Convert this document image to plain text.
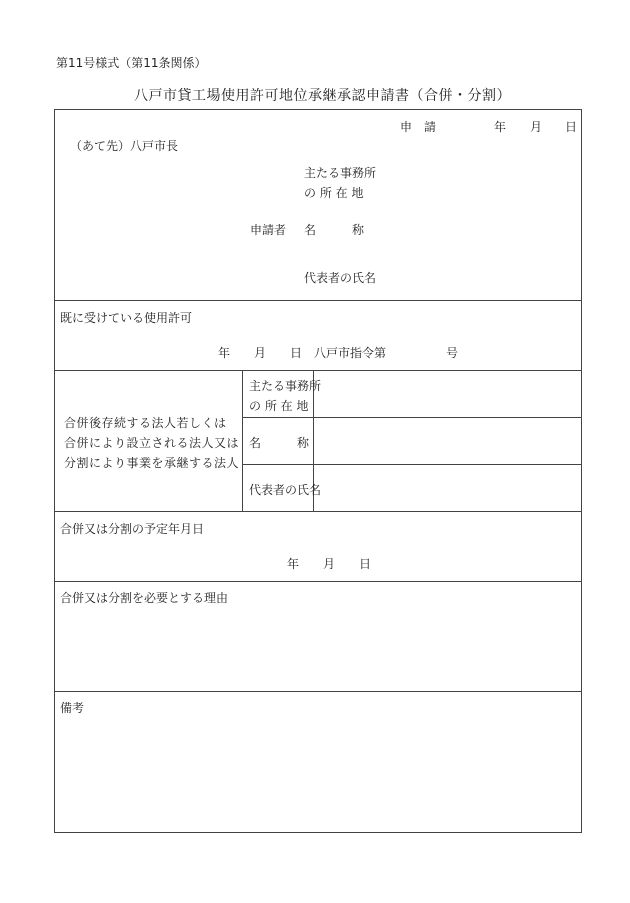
第11号様式（第11条関係）
八戸市貸工場使用許可地位承継承認申請書（合併・分割）
申　請	年 月 日
（あて先）八戸市長
主たる事務所
の 所 在 地
申請者 名　　　称
代表者の氏名
既に受けている使用許可
年　　月　　日　八戸市指令第　　　　　号
合併後存続する法人若しくは
合併により設立される法人又は
分割により事業を承継する法人
主たる事務所
の 所 在 地
名　　　称
代表者の氏名
合併又は分割の予定年月日
年　　月　　日
合併又は分割を必要とする理由
備考
